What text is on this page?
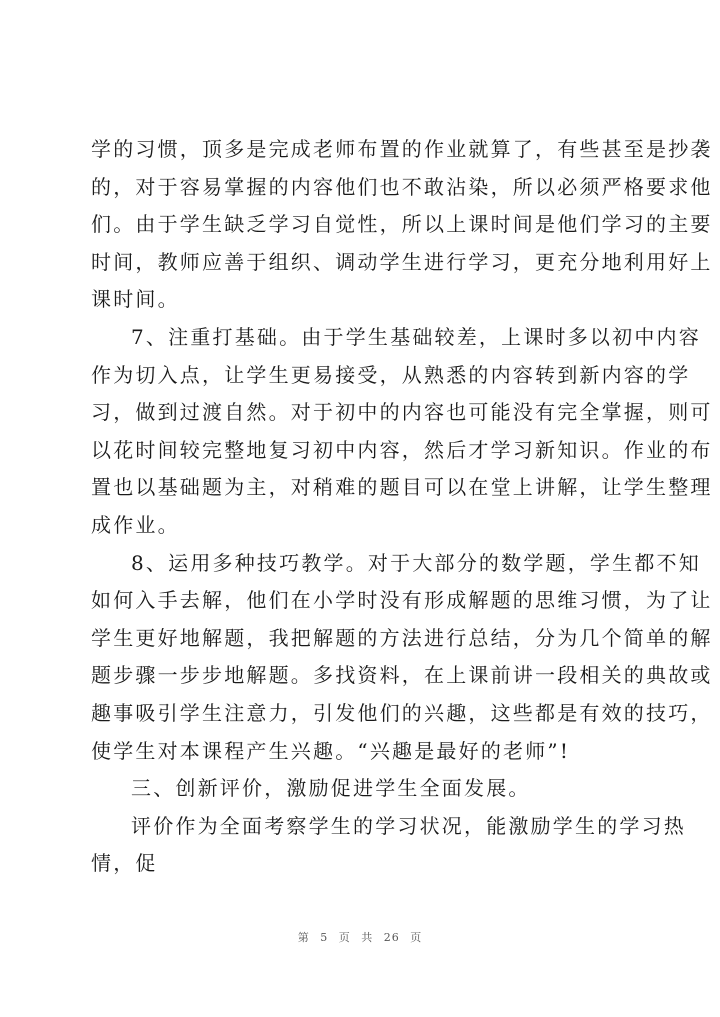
学的习惯，顶多是完成老师布置的作业就算了，有些甚至是抄袭
的，对于容易掌握的内容他们也不敢沾染，所以必须严格要求他
们。由于学生缺乏学习自觉性，所以上课时间是他们学习的主要
时间，教师应善于组织、调动学生进行学习，更充分地利用好上
课时间。
7、注重打基础。由于学生基础较差，上课时多以初中内容
作为切入点，让学生更易接受，从熟悉的内容转到新内容的学
习，做到过渡自然。对于初中的内容也可能没有完全掌握，则可
以花时间较完整地复习初中内容，然后才学习新知识。作业的布
置也以基础题为主，对稍难的题目可以在堂上讲解，让学生整理
成作业。
8、运用多种技巧教学。对于大部分的数学题，学生都不知
如何入手去解，他们在小学时没有形成解题的思维习惯，为了让
学生更好地解题，我把解题的方法进行总结，分为几个简单的解
题步骤一步步地解题。多找资料，在上课前讲一段相关的典故或
趣事吸引学生注意力，引发他们的兴趣，这些都是有效的技巧，
使学生对本课程产生兴趣。“兴趣是最好的老师”!
三、创新评价，激励促进学生全面发展。
评价作为全面考察学生的学习状况，能激励学生的学习热
情，促
第 5 页 共 26 页
